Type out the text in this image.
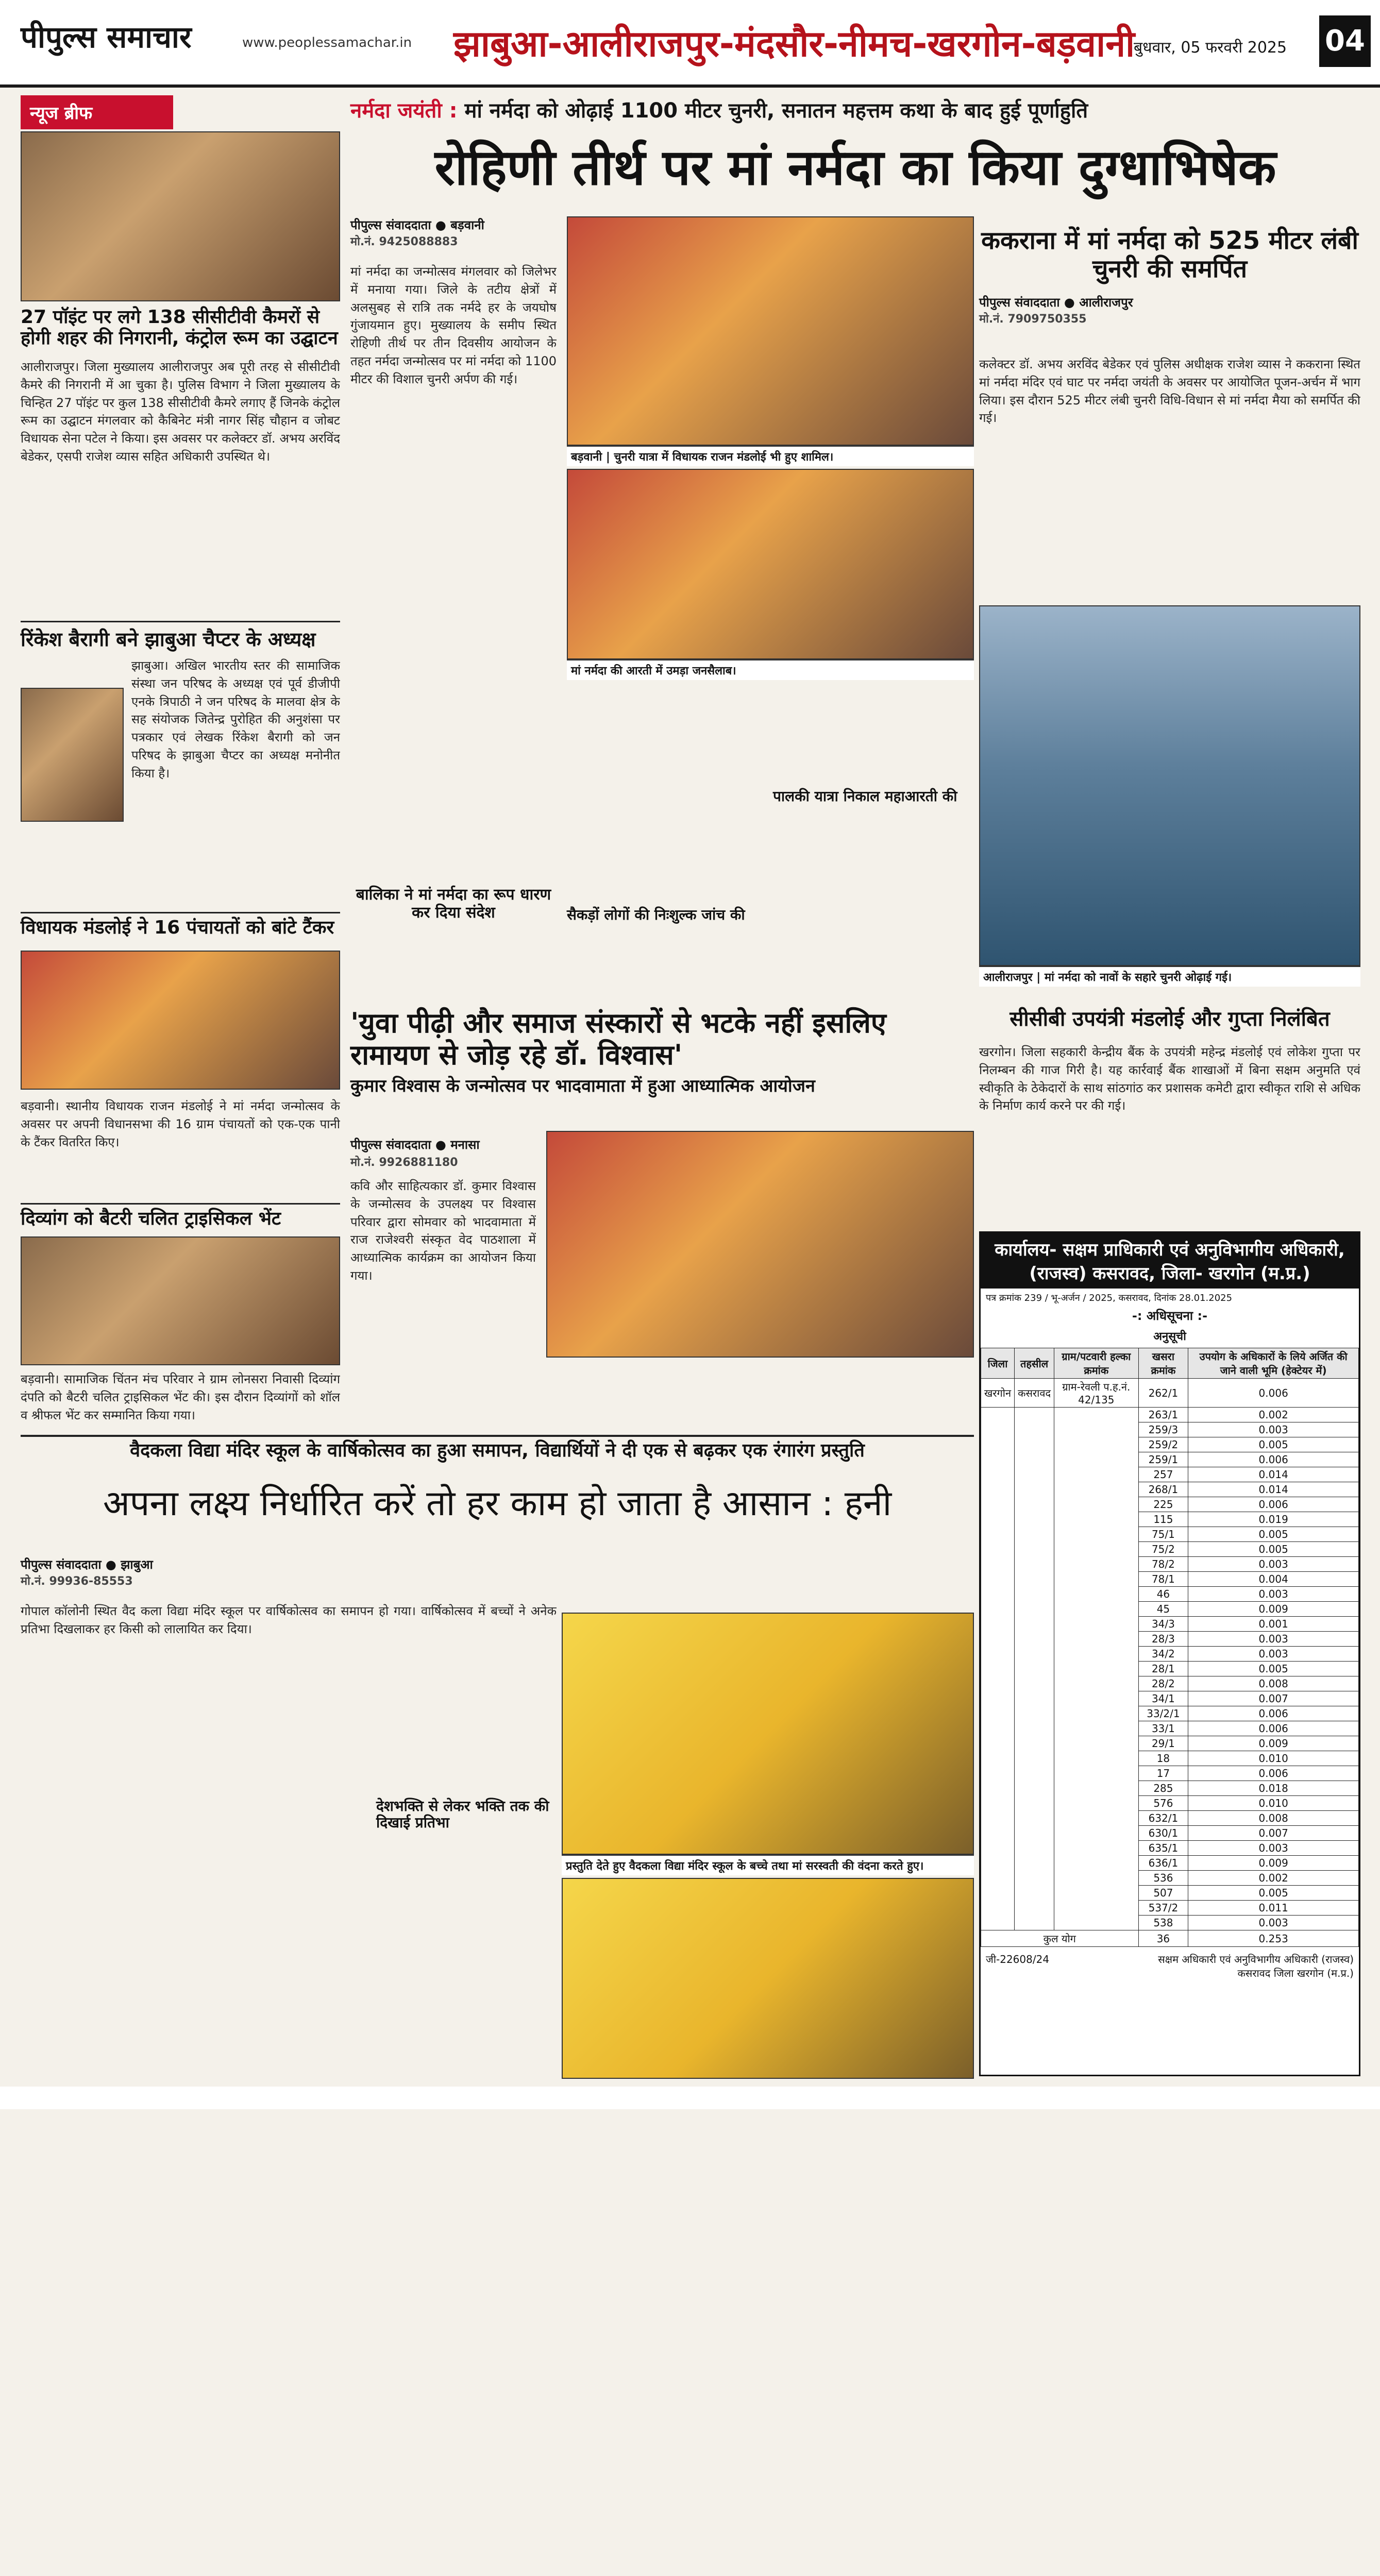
पीपुल्स समाचार	www.peoplessamachar.in झाबुआ-आलीराजपुर-मंदसौर-नीमच-खरगोन-बड़वानी
बुधवार, 05 फरवरी 2025 04
न्यूज ब्रीफ
27 पॉइंट पर लगे 138 सीसीटीवी कैमरों से होगी शहर की निगरानी, कंट्रोल रूम का उद्घाटन
आलीराजपुर। जिला मुख्यालय आलीराजपुर अब पूरी तरह से सीसीटीवी कैमरे की निगरानी में आ चुका है। पुलिस विभाग ने जिला मुख्यालय के चिन्हित 27 पॉइंट पर कुल 138 सीसीटीवी कैमरे लगाए हैं जिनके कंट्रोल रूम का उद्घाटन मंगलवार को कैबिनेट मंत्री नागर सिंह चौहान व जोबट विधायक सेना पटेल ने किया। इस अवसर पर कलेक्टर डॉ. अभय अरविंद बेडेकर, एसपी राजेश व्यास सहित अधिकारी उपस्थित थे।
रिंकेश बैरागी बने झाबुआ चैप्टर के अध्यक्ष
झाबुआ। अखिल भारतीय स्तर की सामाजिक संस्था जन परिषद के अध्यक्ष एवं पूर्व डीजीपी एनके त्रिपाठी ने जन परिषद के मालवा क्षेत्र के सह संयोजक जितेन्द्र पुरोहित की अनुशंसा पर पत्रकार एवं लेखक रिंकेश बैरागी को जन परिषद के झाबुआ चैप्टर का अध्यक्ष मनोनीत किया है।
विधायक मंडलोई ने 16 पंचायतों को बांटे टैंकर
बड़वानी। स्थानीय विधायक राजन मंडलोई ने मां नर्मदा जन्मोत्सव के अवसर पर अपनी विधानसभा की 16 ग्राम पंचायतों को एक-एक पानी के टैंकर वितरित किए।
दिव्यांग को बैटरी चलित ट्राइसिकल भेंट
बड़वानी। सामाजिक चिंतन मंच परिवार ने ग्राम लोनसरा निवासी दिव्यांग दंपति को बैटरी चलित ट्राइसिकल भेंट की। इस दौरान दिव्यांगों को शॉल व श्रीफल भेंट कर सम्मानित किया गया।
नर्मदा जयंती : मां नर्मदा को ओढ़ाई 1100 मीटर चुनरी, सनातन महत्तम कथा के बाद हुई पूर्णाहुति
रोहिणी तीर्थ पर मां नर्मदा का किया दुग्धाभिषेक
पीपुल्स संवाददाता ● बड़वानी
मो.नं. 9425088883
मां नर्मदा का जन्मोत्सव मंगलवार को जिलेभर में मनाया गया। जिले के तटीय क्षेत्रों में अलसुबह से रात्रि तक नर्मदे हर के जयघोष गुंजायमान हुए। मुख्यालय के समीप स्थित रोहिणी तीर्थ पर तीन दिवसीय आयोजन के तहत नर्मदा जन्मोत्सव पर मां नर्मदा को 1100 मीटर की विशाल चुनरी अर्पण की गई।
बड़वानी | चुनरी यात्रा में विधायक राजन मंडलोई भी हुए शामिल।
मां नर्मदा की आरती में उमड़ा जनसैलाब।
बालिका ने मां नर्मदा का रूप धारण कर दिया संदेश	सैकड़ों लोगों की निःशुल्क जांच की
पालकी यात्रा निकाल महाआरती की
ककराना में मां नर्मदा को 525 मीटर लंबी चुनरी की समर्पित
पीपुल्स संवाददाता ● आलीराजपुर
मो.नं. 7909750355
कलेक्टर डॉ. अभय अरविंद बेडेकर एवं पुलिस अधीक्षक राजेश व्यास ने ककराना स्थित मां नर्मदा मंदिर एवं घाट पर नर्मदा जयंती के अवसर पर आयोजित पूजन-अर्चन में भाग लिया। इस दौरान 525 मीटर लंबी चुनरी विधि-विधान से मां नर्मदा मैया को समर्पित की गई।
आलीराजपुर | मां नर्मदा को नावों के सहारे चुनरी ओढ़ाई गई।
'युवा पीढ़ी और समाज संस्कारों से भटके नहीं इसलिए रामायण से जोड़ रहे डॉ. विश्वास'
कुमार विश्वास के जन्मोत्सव पर भादवामाता में हुआ आध्यात्मिक आयोजन
पीपुल्स संवाददाता ● मनासा
मो.नं. 9926881180
कवि और साहित्यकार डॉ. कुमार विश्वास के जन्मोत्सव के उपलक्ष्य पर विश्वास परिवार द्वारा सोमवार को भादवामाता में राज राजेश्वरी संस्कृत वेद पाठशाला में आध्यात्मिक कार्यक्रम का आयोजन किया गया।
सीसीबी उपयंत्री मंडलोई और गुप्ता निलंबित
खरगोन। जिला सहकारी केन्द्रीय बैंक के उपयंत्री महेन्द्र मंडलोई एवं लोकेश गुप्ता पर निलम्बन की गाज गिरी है। यह कार्रवाई बैंक शाखाओं में बिना सक्षम अनुमति एवं स्वीकृति के ठेकेदारों के साथ सांठगांठ कर प्रशासक कमेटी द्वारा स्वीकृत राशि से अधिक के निर्माण कार्य करने पर की गई।
कार्यालय- सक्षम प्राधिकारी एवं अनुविभागीय अधिकारी, (राजस्व) कसरावद, जिला- खरगोन (म.प्र.)
पत्र क्रमांक 239 / भू-अर्जन / 2025, कसरावद, दिनांक 28.01.2025
-: अधिसूचना :-
अनुसूची
जिला	तहसील	ग्राम/पटवारी हल्का क्रमांक	खसरा क्रमांक	उपयोग के अधिकारों के लिये अर्जित की जाने वाली भूमि (हेक्टेयर में)
खरगोन	कसरावद	ग्राम-रेवली प.ह.नं. 42/135	262/1	0.006
			263/1	0.002
			259/3	0.003
			259/2	0.005
			259/1	0.006
			257	0.014
			268/1	0.014
			225	0.006
			115	0.019
			75/1	0.005
			75/2	0.005
			78/2	0.003
			78/1	0.004
			46	0.003
			45	0.009
			34/3	0.001
			28/3	0.003
			34/2	0.003
			28/1	0.005
			28/2	0.008
			34/1	0.007
			33/2/1	0.006
			33/1	0.006
			29/1	0.009
			18	0.010
			17	0.006
			285	0.018
			576	0.010
			632/1	0.008
			630/1	0.007
			635/1	0.003
			636/1	0.009
			536	0.002
			507	0.005
			537/2	0.011
			538	0.003
कुल योग			36	0.253
जी-22608/24	सक्षम अधिकारी एवं अनुविभागीय अधिकारी (राजस्व) कसरावद जिला खरगोन (म.प्र.)
वैदकला विद्या मंदिर स्कूल के वार्षिकोत्सव का हुआ समापन, विद्यार्थियों ने दी एक से बढ़कर एक रंगारंग प्रस्तुति
अपना लक्ष्य निर्धारित करें तो हर काम हो जाता है आसान : हनी
पीपुल्स संवाददाता ● झाबुआ
मो.नं. 99936-85553
गोपाल कॉलोनी स्थित वैद कला विद्या मंदिर स्कूल पर वार्षिकोत्सव का समापन हो गया। वार्षिकोत्सव में बच्चों ने अनेक प्रतिभा दिखलाकर हर किसी को लालायित कर दिया।
देशभक्ति से लेकर भक्ति तक की दिखाई प्रतिभा
प्रस्तुति देते हुए वैदकला विद्या मंदिर स्कूल के बच्चे तथा मां सरस्वती की वंदना करते हुए।
